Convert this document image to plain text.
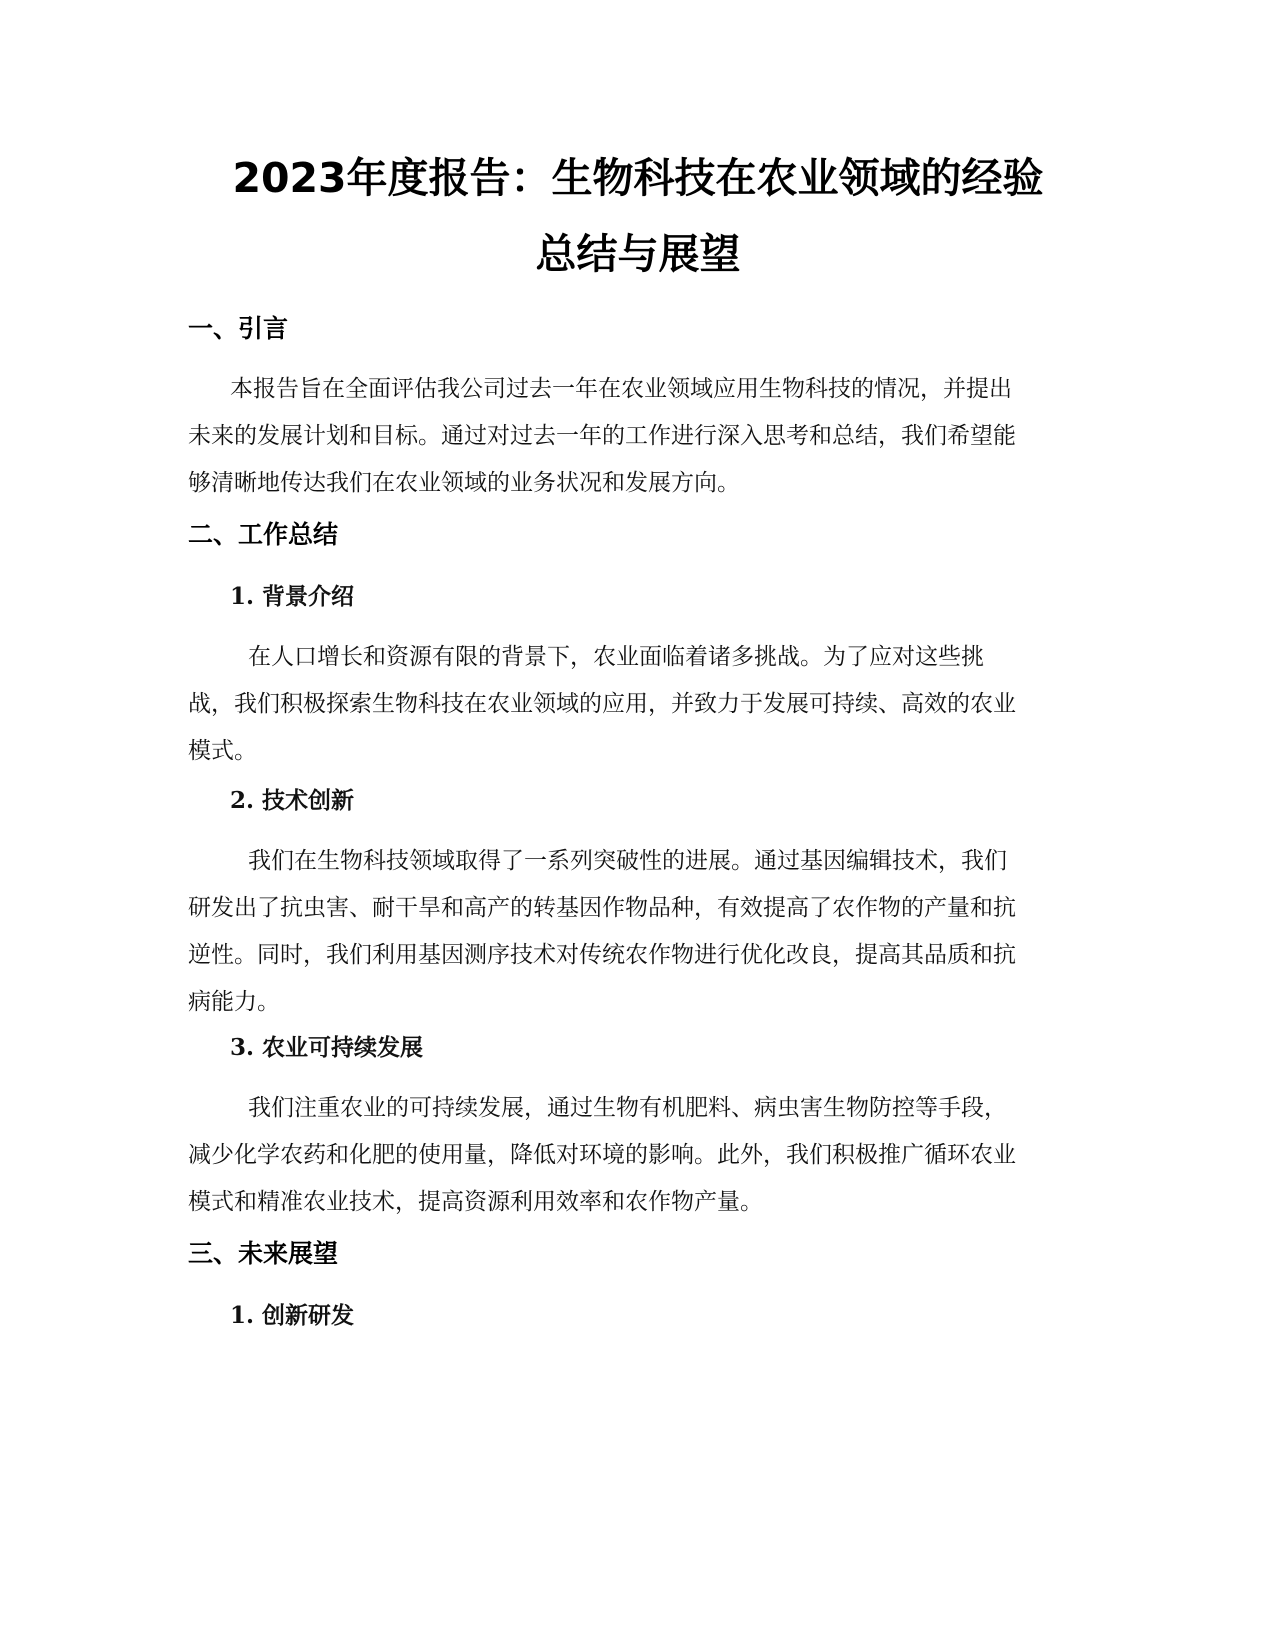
2023年度报告：生物科技在农业领域的经验
总结与展望
一、引言

本报告旨在全面评估我公司过去一年在农业领域应用生物科技的情况，并提出
未来的发展计划和目标。通过对过去一年的工作进行深入思考和总结，我们希望能
够清晰地传达我们在农业领域的业务状况和发展方向。

二、工作总结
1. 背景介绍

在人口增长和资源有限的背景下，农业面临着诸多挑战。为了应对这些挑
战，我们积极探索生物科技在农业领域的应用，并致力于发展可持续、高效的农业
模式。

2. 技术创新

我们在生物科技领域取得了一系列突破性的进展。通过基因编辑技术，我们
研发出了抗虫害、耐干旱和高产的转基因作物品种，有效提高了农作物的产量和抗
逆性。同时，我们利用基因测序技术对传统农作物进行优化改良，提高其品质和抗
病能力。

3. 农业可持续发展

我们注重农业的可持续发展，通过生物有机肥料、病虫害生物防控等手段，
减少化学农药和化肥的使用量，降低对环境的影响。此外，我们积极推广循环农业
模式和精准农业技术，提高资源利用效率和农作物产量。

三、未来展望
1. 创新研发
